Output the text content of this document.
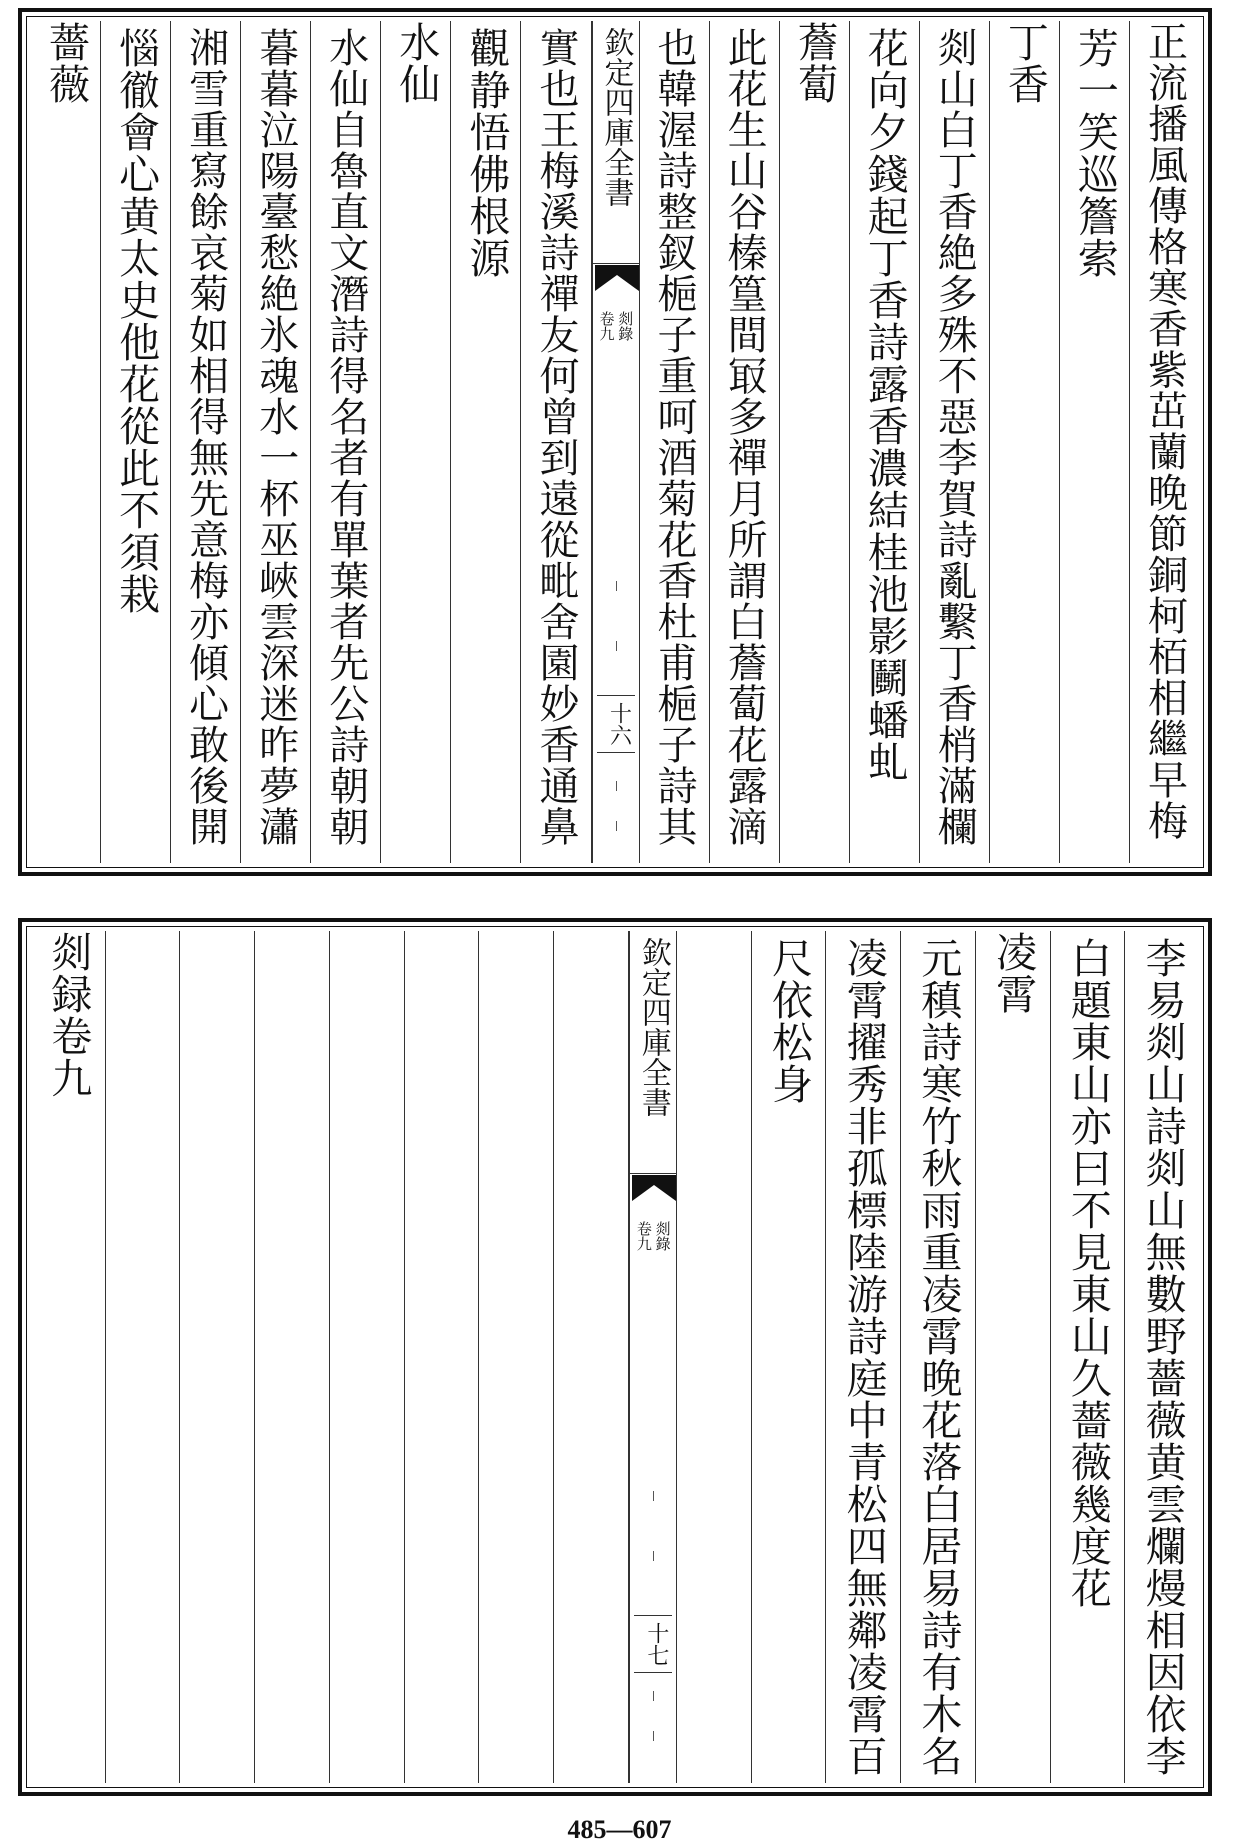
正流播風傳格寒香紫茁蘭晚節銅柯栢相繼早梅
芳一笑巡簷索
丁香
剡山白丁香絶多殊不惡李賀詩亂繫丁香梢滿欄
花向夕錢起丁香詩露香濃結桂池影鬭蟠虬
薝蔔
此花生山谷榛篁間冣多禪月所謂白薝蔔花露滴
也韓渥詩整釵梔子重呵酒菊花香杜甫梔子詩其
欽定四庫全書
剡錄
卷九
十六
實也王梅溪詩禪友何曾到遠從毗舍園妙香通鼻
觀静悟佛根源
水仙
水仙自魯直文潛詩得名者有單葉者先公詩朝朝
暮暮泣陽臺愁絶氷魂水一杯巫峽雲深迷昨夢瀟
湘雪重寫餘哀菊如相得無先意梅亦傾心敢後開
惱徹會心黄太史他花從此不須栽
薔薇
李易剡山詩剡山無數野薔薇黄雲爛熳相因依李
白題東山亦曰不見東山久薔薇幾度花
凌霄
元稹詩寒竹秋雨重凌霄晚花落白居易詩有木名
凌霄擢秀非孤標陸游詩庭中青松四無鄰凌霄百
尺依松身
欽定四庫全書
剡錄
卷九
十七
剡録卷九
485—607
